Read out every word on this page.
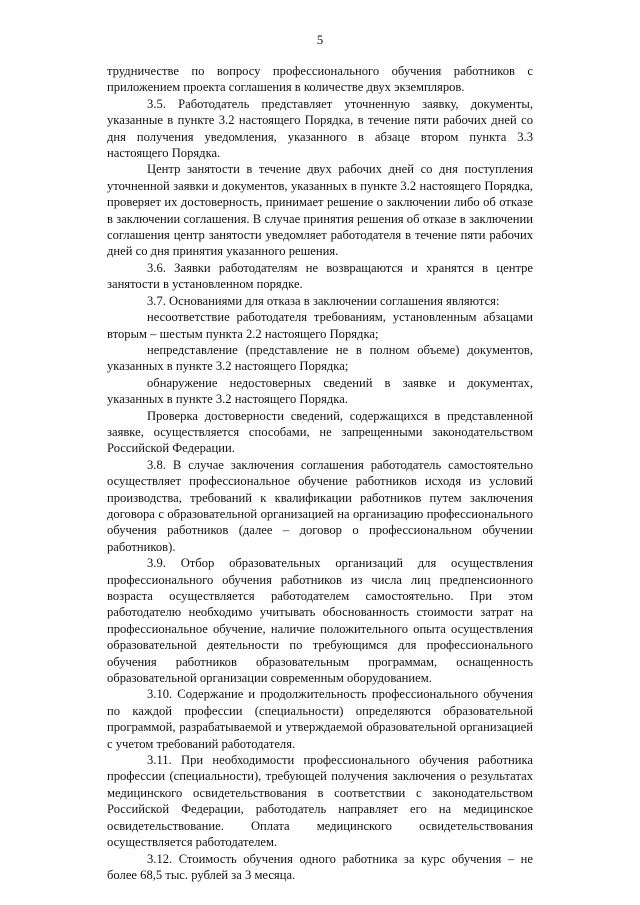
5

трудничестве по вопросу профессионального обучения работников с приложением проекта соглашения в количестве двух экземпляров.

3.5. Работодатель представляет уточненную заявку, документы, указанные в пункте 3.2 настоящего Порядка, в течение пяти рабочих дней со дня получения уведомления, указанного в абзаце втором пункта 3.3 настоящего Порядка.

Центр занятости в течение двух рабочих дней со дня поступления уточненной заявки и документов, указанных в пункте 3.2 настоящего Порядка, проверяет их достоверность, принимает решение о заключении либо об отказе в заключении соглашения. В случае принятия решения об отказе в заключении соглашения центр занятости уведомляет работодателя в течение пяти рабочих дней со дня принятия указанного решения.

3.6. Заявки работодателям не возвращаются и хранятся в центре занятости в установленном порядке.

3.7. Основаниями для отказа в заключении соглашения являются:

несоответствие работодателя требованиям, установленным абзацами вторым – шестым пункта 2.2 настоящего Порядка;

непредставление (представление не в полном объеме) документов, указанных в пункте 3.2 настоящего Порядка;

обнаружение недостоверных сведений в заявке и документах, указанных в пункте 3.2 настоящего Порядка.

Проверка достоверности сведений, содержащихся в представленной заявке, осуществляется способами, не запрещенными законодательством Российской Федерации.

3.8. В случае заключения соглашения работодатель самостоятельно осуществляет профессиональное обучение работников исходя из условий производства, требований к квалификации работников путем заключения договора с образовательной организацией на организацию профессионального обучения работников (далее – договор о профессиональном обучении работников).

3.9. Отбор образовательных организаций для осуществления профессионального обучения работников из числа лиц предпенсионного возраста осуществляется работодателем самостоятельно. При этом работодателю необходимо учитывать обоснованность стоимости затрат на профессиональное обучение, наличие положительного опыта осуществления образовательной деятельности по требующимся для профессионального обучения работников образовательным программам, оснащенность образовательной организации современным оборудованием.

3.10. Содержание и продолжительность профессионального обучения по каждой профессии (специальности) определяются образовательной программой, разрабатываемой и утверждаемой образовательной организацией с учетом требований работодателя.

3.11. При необходимости профессионального обучения работника профессии (специальности), требующей получения заключения о результатах медицинского освидетельствования в соответствии с законодательством Российской Федерации, работодатель направляет его на медицинское освидетельствование. Оплата медицинского освидетельствования осуществляется работодателем.

3.12. Стоимость обучения одного работника за курс обучения – не более 68,5 тыс. рублей за 3 месяца.
